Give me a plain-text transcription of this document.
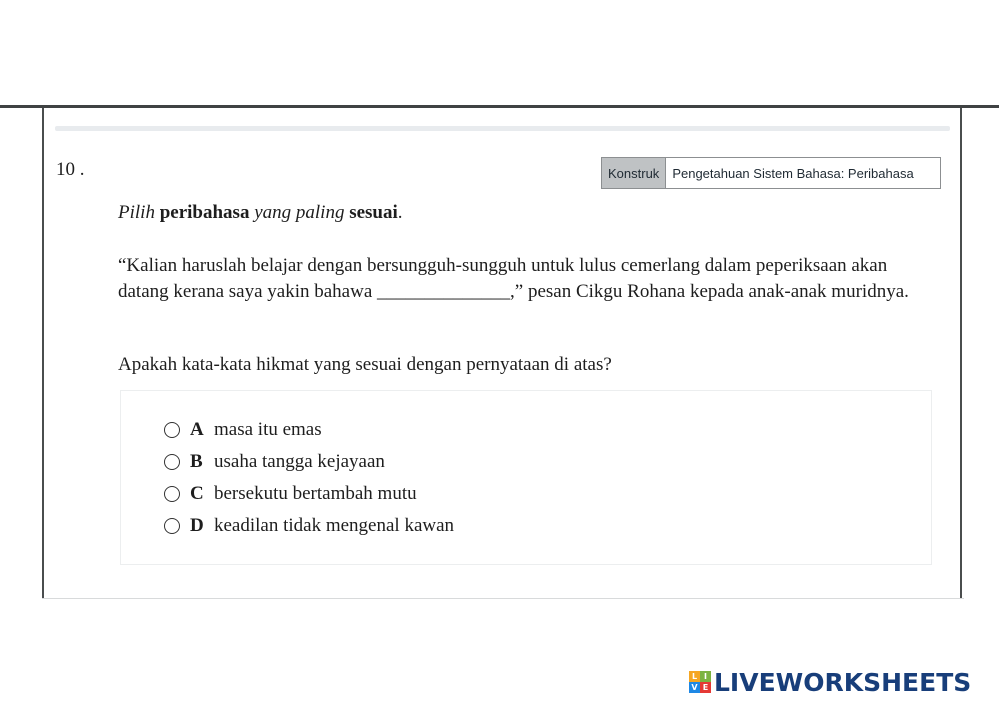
10 .	Konstruk	Pengetahuan Sistem Bahasa: Peribahasa
Pilih peribahasa yang paling sesuai.
“Kalian haruslah belajar dengan bersungguh-sungguh untuk lulus cemerlang dalam peperiksaan akan datang kerana saya yakin bahawa ______________,” pesan Cikgu Rohana kepada anak-anak muridnya.
Apakah kata-kata hikmat yang sesuai dengan pernyataan di atas?
A masa itu emas
B usaha tangga kejayaan
C bersekutu bertambah mutu
D keadilan tidak mengenal kawan
L I
V E LIVEWORKSHEETS
